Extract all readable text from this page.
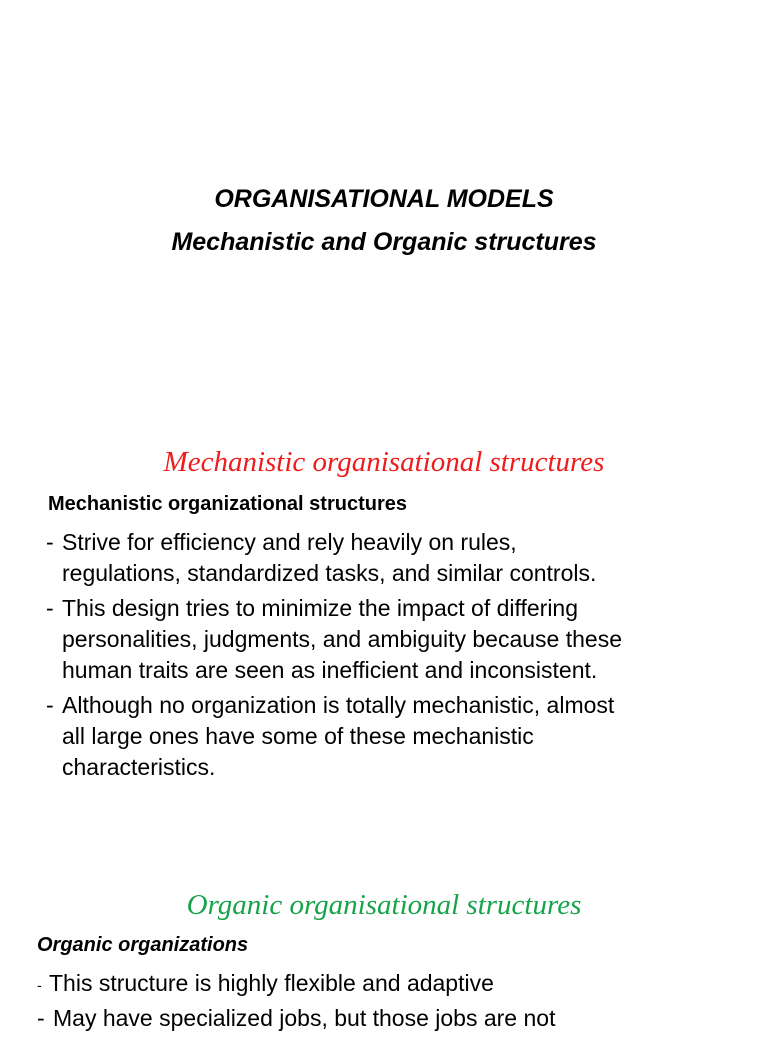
ORGANISATIONAL MODELS
Mechanistic and Organic structures
Mechanistic organisational structures
Mechanistic organizational structures
- Strive for efficiency and rely heavily on rules,
regulations, standardized tasks, and similar controls.
- This design tries to minimize the impact of differing
personalities, judgments, and ambiguity because these
human traits are seen as inefficient and inconsistent.
- Although no organization is totally mechanistic, almost
all large ones have some of these mechanistic
characteristics.
Organic organisational structures
Organic organizations
- This structure is highly flexible and adaptive
- May have specialized jobs, but those jobs are not
